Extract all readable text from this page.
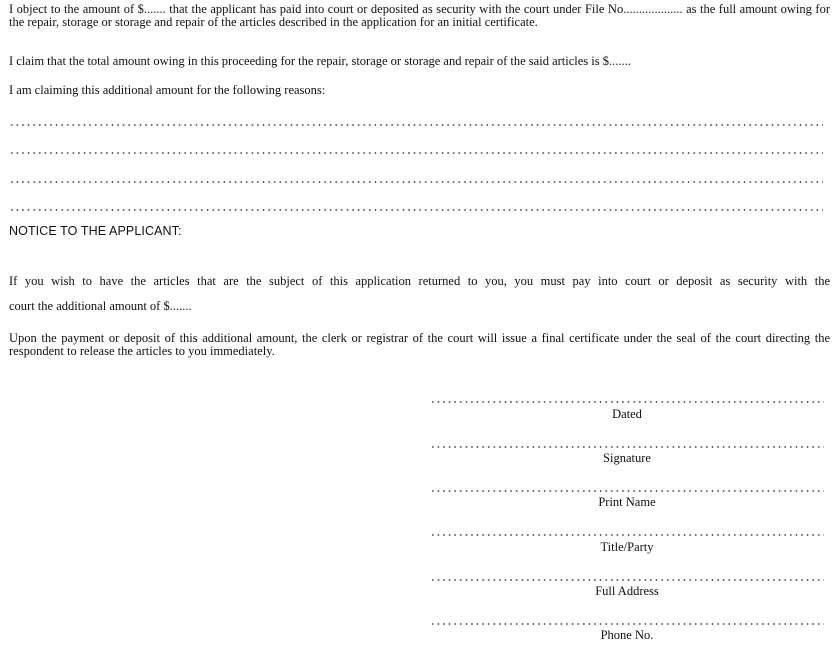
I object to the amount of $....... that the applicant has paid into court or deposited as security with the court under File No................... as the full amount owing for the repair, storage or storage and repair of the articles described in the application for an initial certificate.

I claim that the total amount owing in this proceeding for the repair, storage or storage and repair of the said articles is $.......

I am claiming this additional amount for the following reasons:

NOTICE TO THE APPLICANT:

If you wish to have the articles that are the subject of this application returned to you, you must pay into court or deposit as security with the

court the additional amount of $.......

Upon the payment or deposit of this additional amount, the clerk or registrar of the court will issue a final certificate under the seal of the court directing the respondent to release the articles to you immediately.

Dated
Signature
Print Name
Title/Party
Full Address
Phone No.
